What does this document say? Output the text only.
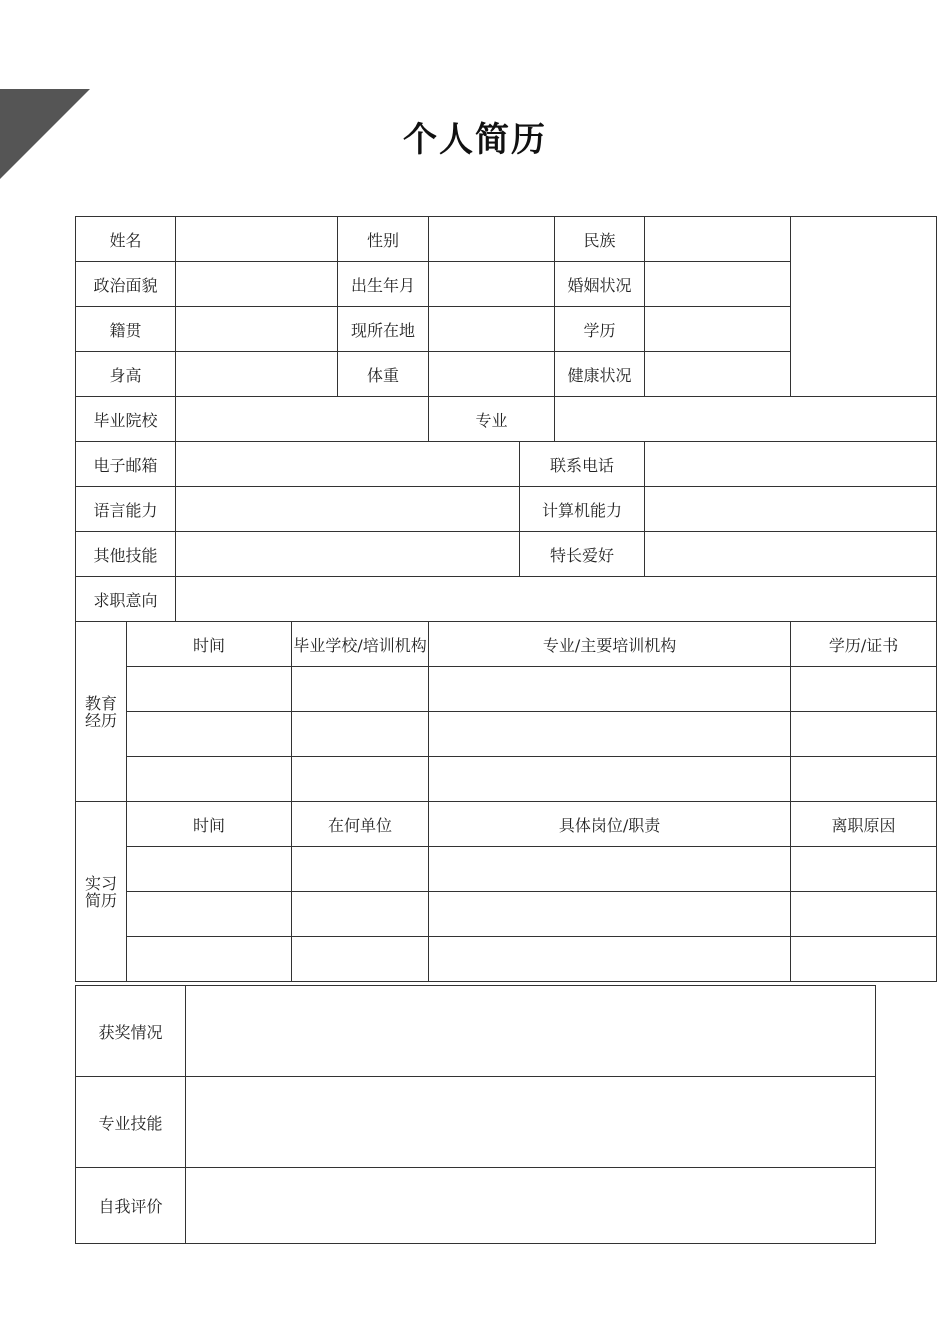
个人简历
姓名				性别			民族		
政治面貌				出生年月			婚姻状况		
籍贯				现所在地			学历		
身高				体重			健康状况		
毕业院校					专业				
电子邮箱						联系电话			
语言能力						计算机能力			
其他技能						特长爱好			
求职意向									
教育经历	时间		毕业学校/培训机构		专业/主要培训机构				学历/证书

实习简历	时间		在何单位		具体岗位/职责				离职原因

获奖情况	
专业技能	
自我评价	
